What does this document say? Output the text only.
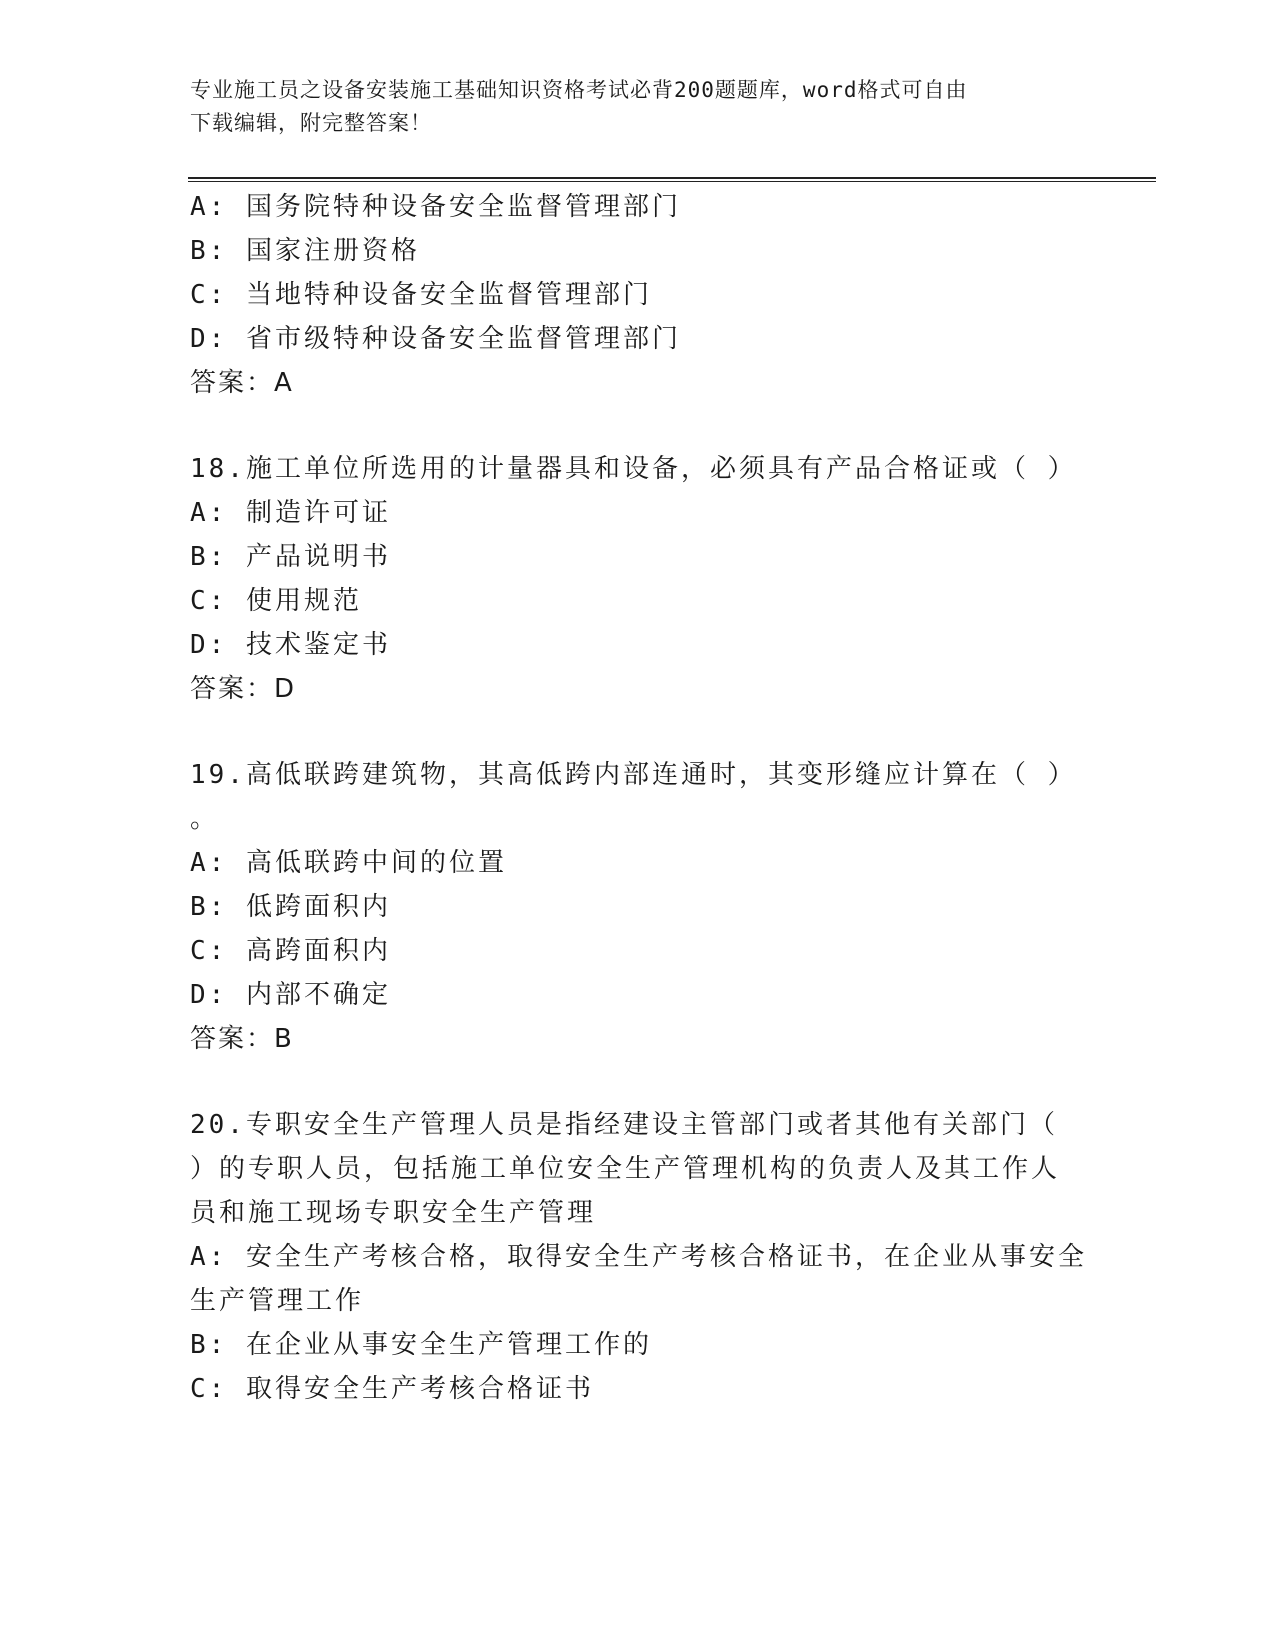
专业施工员之设备安装施工基础知识资格考试必背200题题库，word格式可自由
下载编辑，附完整答案！
A: 国务院特种设备安全监督管理部门
B: 国家注册资格
C: 当地特种设备安全监督管理部门
D: 省市级特种设备安全监督管理部门
答案：A
18.施工单位所选用的计量器具和设备，必须具有产品合格证或（ ）
A: 制造许可证
B: 产品说明书
C: 使用规范
D: 技术鉴定书
答案：D
19.高低联跨建筑物，其高低跨内部连通时，其变形缝应计算在（ ）
。
A: 高低联跨中间的位置
B: 低跨面积内
C: 高跨面积内
D: 内部不确定
答案：B
20.专职安全生产管理人员是指经建设主管部门或者其他有关部门（
）的专职人员，包括施工单位安全生产管理机构的负责人及其工作人
员和施工现场专职安全生产管理
A: 安全生产考核合格，取得安全生产考核合格证书，在企业从事安全
生产管理工作
B: 在企业从事安全生产管理工作的
C: 取得安全生产考核合格证书
